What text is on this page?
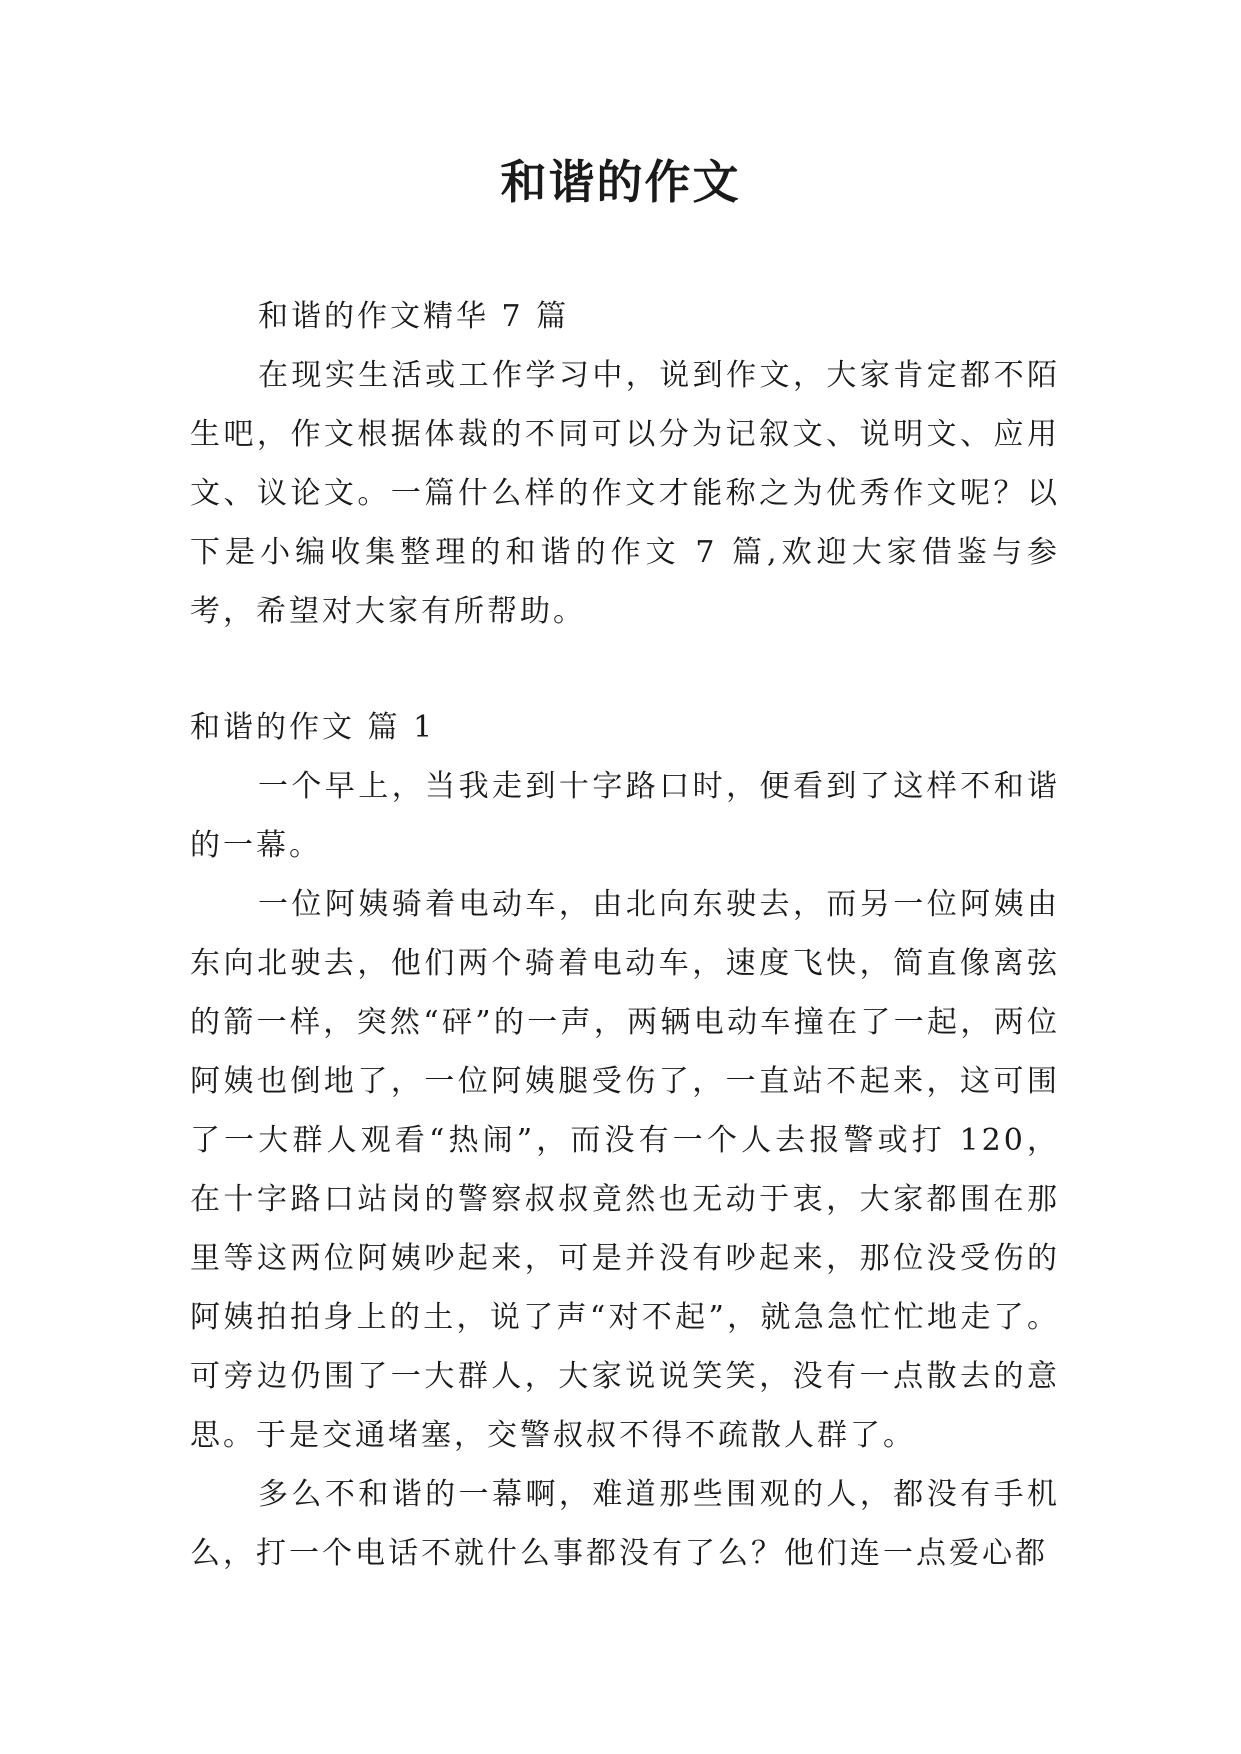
和谐的作文

和谐的作文精华 7 篇

在现实生活或工作学习中，说到作文，大家肯定都不陌生吧，作文根据体裁的不同可以分为记叙文、说明文、应用文、议论文。一篇什么样的作文才能称之为优秀作文呢？以下是小编收集整理的和谐的作文 7 篇,欢迎大家借鉴与参考，希望对大家有所帮助。

和谐的作文 篇 1

一个早上，当我走到十字路口时，便看到了这样不和谐的一幕。

一位阿姨骑着电动车，由北向东驶去，而另一位阿姨由东向北驶去，他们两个骑着电动车，速度飞快，简直像离弦的箭一样，突然“砰”的一声，两辆电动车撞在了一起，两位阿姨也倒地了，一位阿姨腿受伤了，一直站不起来，这可围了一大群人观看“热闹”，而没有一个人去报警或打 120，在十字路口站岗的警察叔叔竟然也无动于衷，大家都围在那里等这两位阿姨吵起来，可是并没有吵起来，那位没受伤的阿姨拍拍身上的土，说了声“对不起”，就急急忙忙地走了。可旁边仍围了一大群人，大家说说笑笑，没有一点散去的意思。于是交通堵塞，交警叔叔不得不疏散人群了。

多么不和谐的一幕啊，难道那些围观的人，都没有手机么，打一个电话不就什么事都没有了么？他们连一点爱心都
